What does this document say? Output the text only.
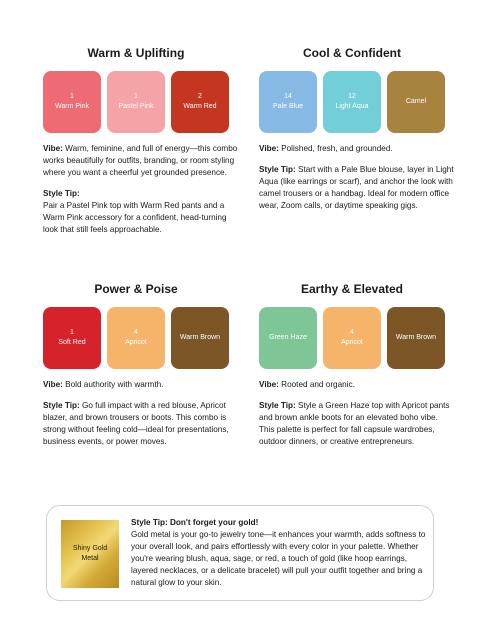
Warm & Uplifting
1
Warm Pink
1
Pastel Pink
2
Warm Red

Vibe: Warm, feminine, and full of energy—this combo works beautifully for outfits, branding, or room styling where you want a cheerful yet grounded presence.

Style Tip:
Pair a Pastel Pink top with Warm Red pants and a Warm Pink accessory for a confident, head-turning look that still feels approachable.

Cool & Confident
14
Pale Blue
12
Light Aqua
Camel

Vibe: Polished, fresh, and grounded.

Style Tip: Start with a Pale Blue blouse, layer in Light Aqua (like earrings or scarf), and anchor the look with camel trousers or a handbag. Ideal for modern office wear, Zoom calls, or daytime speaking gigs.

Power & Poise
1
Soft Red
4
Apricot
Warm Brown

Vibe: Bold authority with warmth.

Style Tip: Go full impact with a red blouse, Apricot blazer, and brown trousers or boots. This combo is strong without feeling cold—ideal for presentations, business events, or power moves.

Earthy & Elevated
Green Haze
4
Apricot
Warm Brown

Vibe: Rooted and organic.

Style Tip: Style a Green Haze top with Apricot pants and brown ankle boots for an elevated boho vibe. This palette is perfect for fall capsule wardrobes, outdoor dinners, or creative entrepreneurs.

Shiny Gold
Metal
Style Tip: Don't forget your gold!
Gold metal is your go-to jewelry tone—it enhances your warmth, adds softness to your overall look, and pairs effortlessly with every color in your palette. Whether you're wearing blush, aqua, sage, or red, a touch of gold (like hoop earrings, layered necklaces, or a delicate bracelet) will pull your outfit together and bring a natural glow to your skin.
